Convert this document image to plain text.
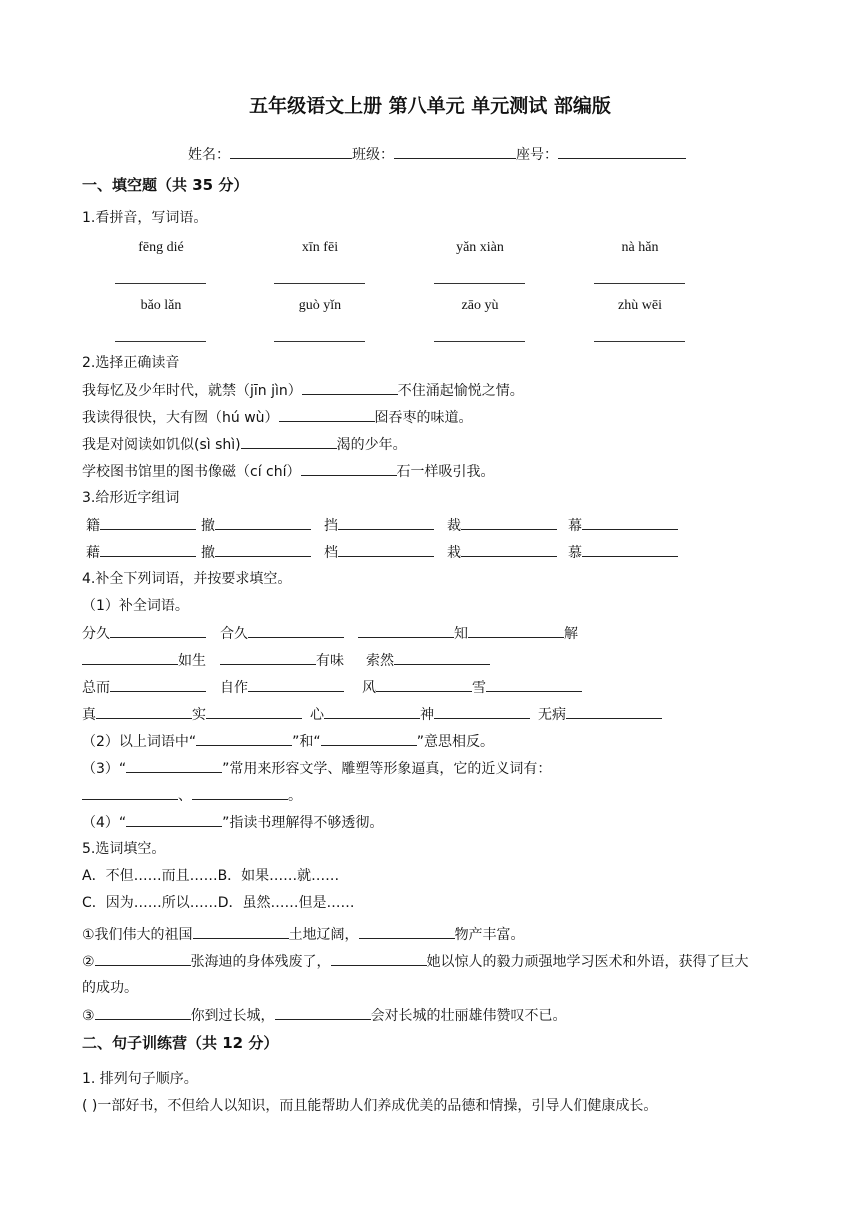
五年级语文上册 第八单元 单元测试 部编版
姓名：	班级：	座号：
一、填空题（共 35 分）
1.看拼音，写词语。
fēng dié	xīn fēi	yǎn xiàn	nà hǎn
bǎo lǎn	guò yǐn	zāo yù	zhù wēi
2.选择正确读音
我每忆及少年时代，就禁（jīn jìn）	不住涌起愉悦之情。
我读得很快，大有囫（hú wù）	囵吞枣的味道。
我是对阅读如饥似(sì shì)	渴的少年。
学校图书馆里的图书像磁（cí chí）	石一样吸引我。
3.给形近字组词
籍	撤	挡	裁	幕
藉	撤	档	栽	慕
4.补全下列词语，并按要求填空。
（1）补全词语。
分久	合久	知	解
如生	有味 索然
总而	自作	风	雪
真	实	心	神	无病
（2）以上词语中“	”和“	”意思相反。
（3）“	”常用来形容文学、雕塑等形象逼真，它的近义词有：
、	。
（4）“	”指读书理解得不够透彻。
5.选词填空。
A．不但……而且……B．如果……就……
C．因为……所以……D．虽然……但是……
①我们伟大的祖国	土地辽阔，	物产丰富。
②	张海迪的身体残废了，	她以惊人的毅力顽强地学习医术和外语，获得了巨大
的成功。
③	你到过长城，	会对长城的壮丽雄伟赞叹不已。
二、句子训练营（共 12 分）
1. 排列句子顺序。
( )一部好书，不但给人以知识，而且能帮助人们养成优美的品德和情操，引导人们健康成长。
